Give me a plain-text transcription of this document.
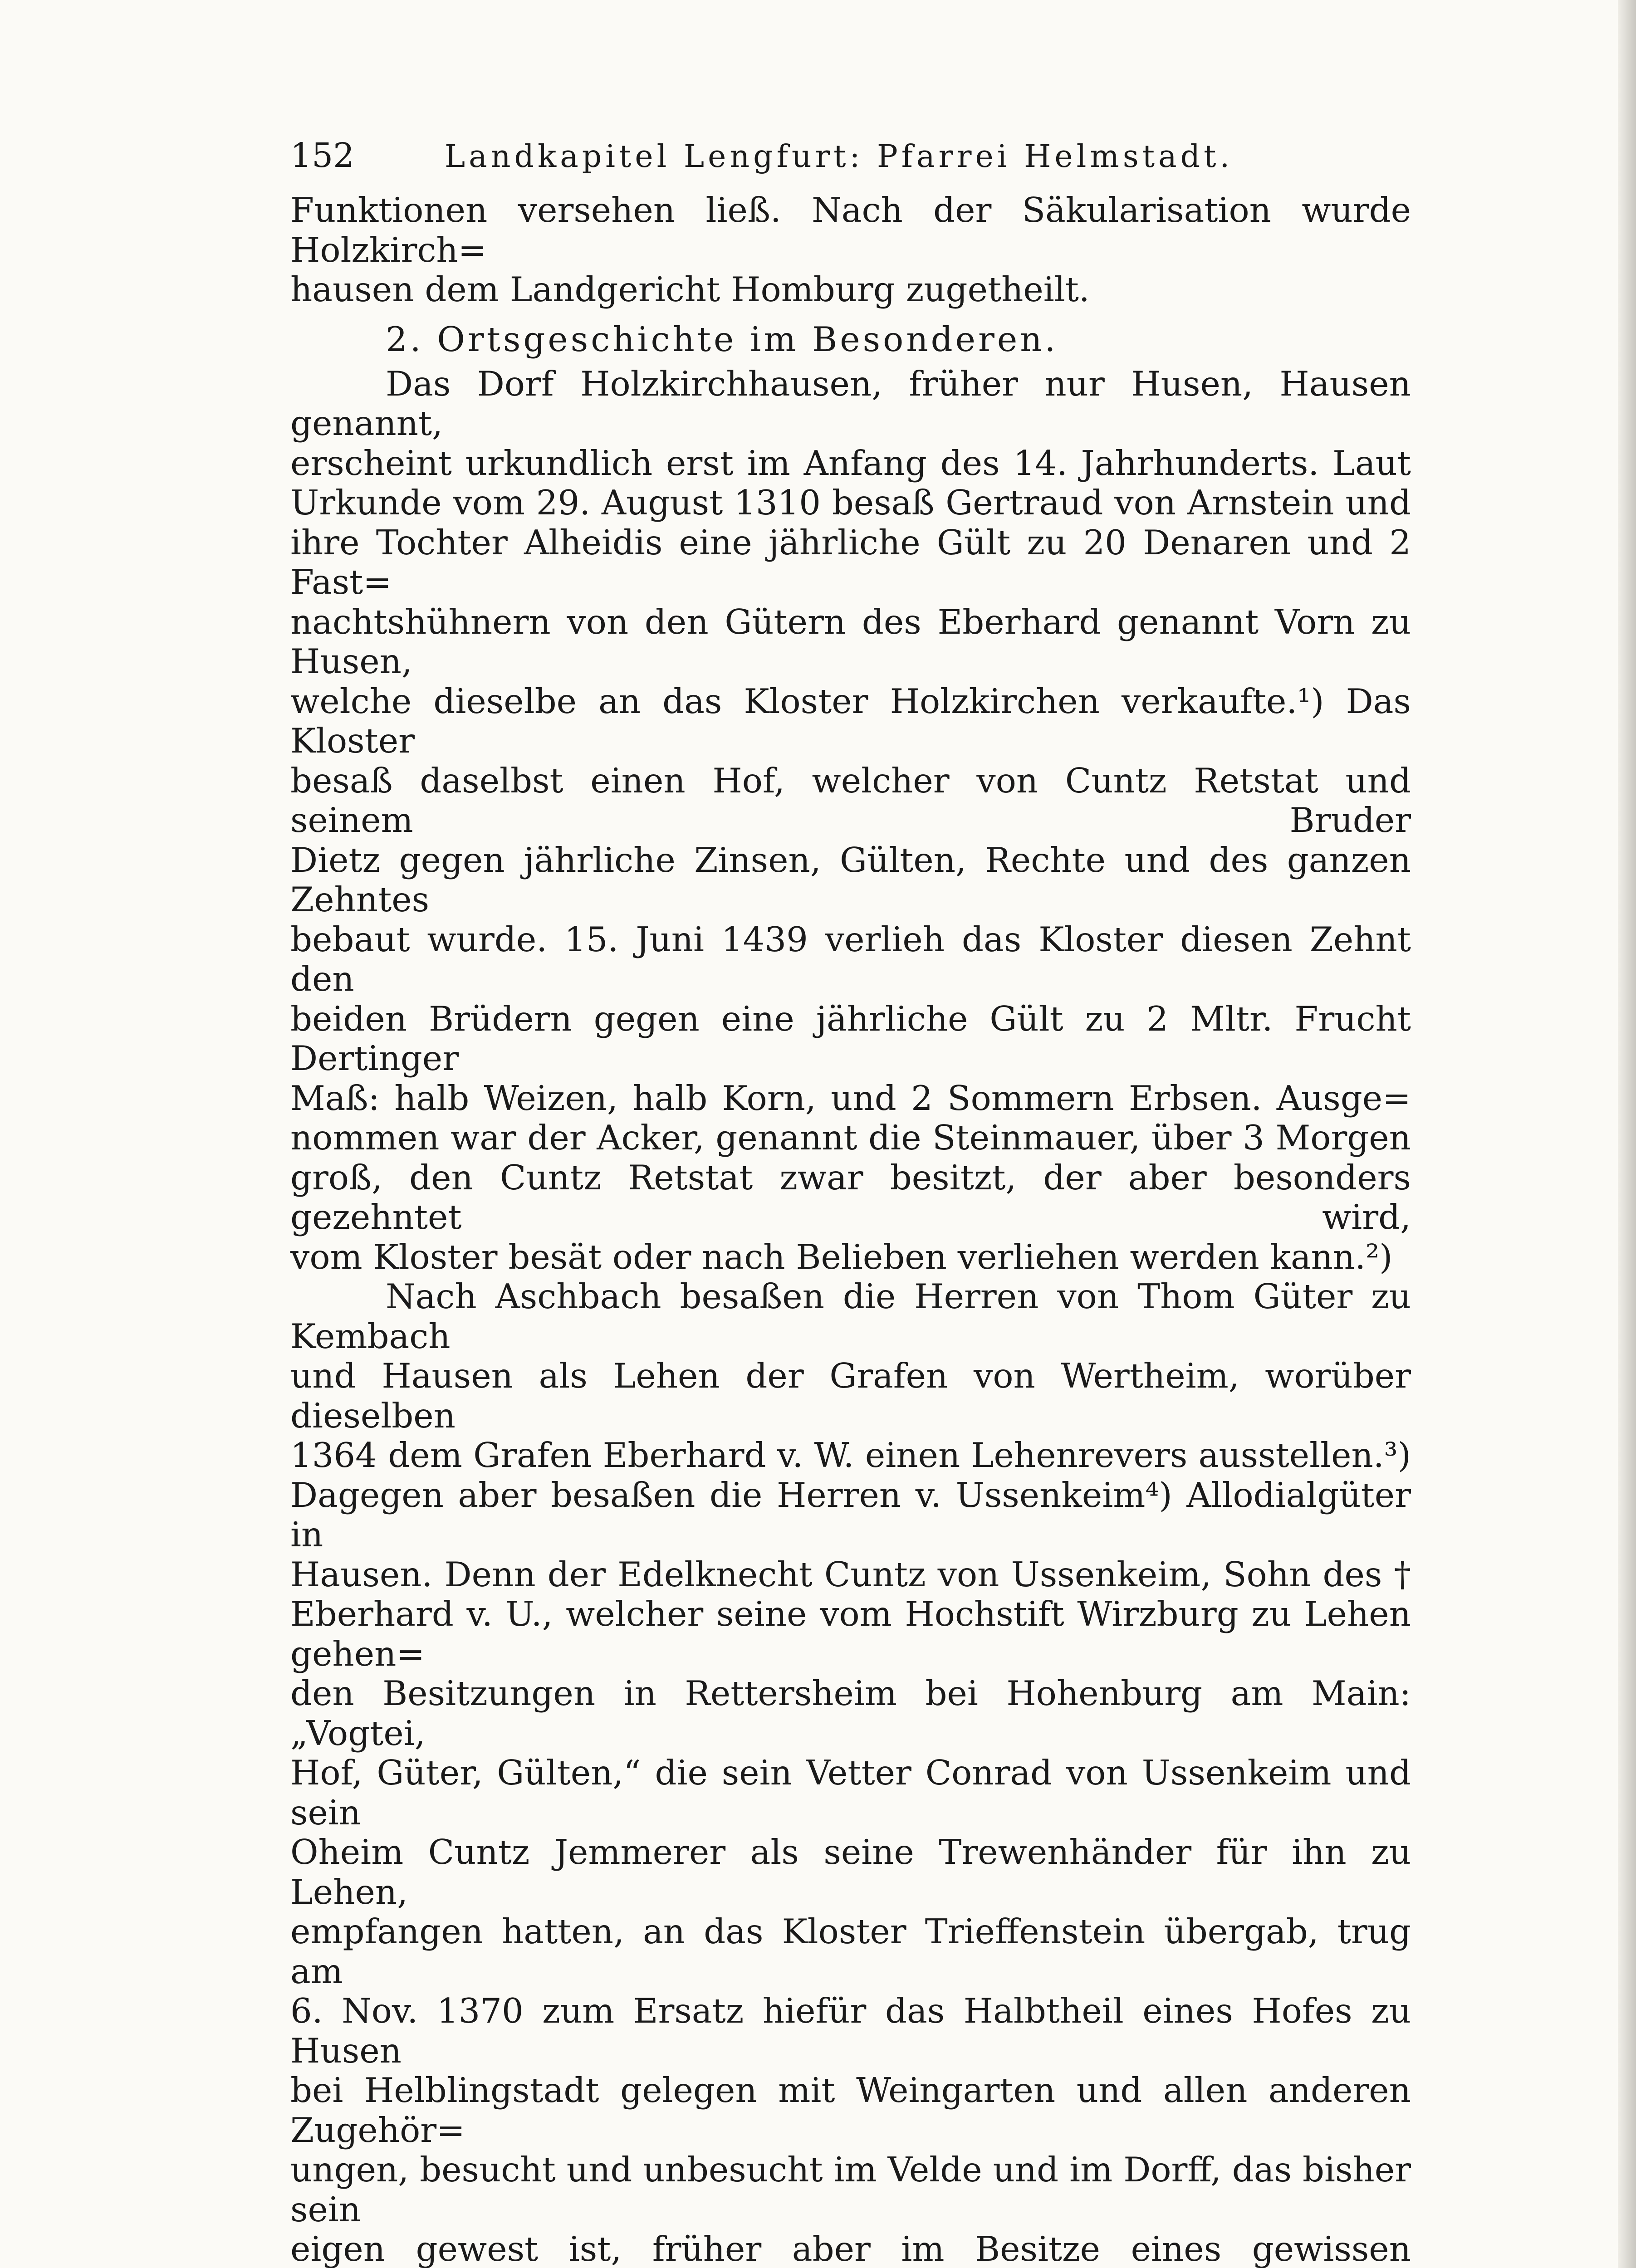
152	Landkapitel Lengfurt: Pfarrei Helmstadt.

Funktionen versehen ließ. Nach der Säkularisation wurde Holzkirch=

hausen dem Landgericht Homburg zugetheilt.

2. Ortsgeschichte im Besonderen.

Das Dorf Holzkirchhausen, früher nur Husen, Hausen genannt,

erscheint urkundlich erst im Anfang des 14. Jahrhunderts. Laut

Urkunde vom 29. August 1310 besaß Gertraud von Arnstein und

ihre Tochter Alheidis eine jährliche Gült zu 20 Denaren und 2 Fast=

nachtshühnern von den Gütern des Eberhard genannt Vorn zu Husen,

welche dieselbe an das Kloster Holzkirchen verkaufte.¹) Das Kloster

besaß daselbst einen Hof, welcher von Cuntz Retstat und seinem Bruder

Dietz gegen jährliche Zinsen, Gülten, Rechte und des ganzen Zehntes

bebaut wurde. 15. Juni 1439 verlieh das Kloster diesen Zehnt den

beiden Brüdern gegen eine jährliche Gült zu 2 Mltr. Frucht Dertinger

Maß: halb Weizen, halb Korn, und 2 Sommern Erbsen. Ausge=

nommen war der Acker, genannt die Steinmauer, über 3 Morgen

groß, den Cuntz Retstat zwar besitzt, der aber besonders gezehntet wird,

vom Kloster besät oder nach Belieben verliehen werden kann.²)

Nach Aschbach besaßen die Herren von Thom Güter zu Kembach

und Hausen als Lehen der Grafen von Wertheim, worüber dieselben

1364 dem Grafen Eberhard v. W. einen Lehenrevers ausstellen.³)

Dagegen aber besaßen die Herren v. Ussenkeim⁴) Allodialgüter in

Hausen. Denn der Edelknecht Cuntz von Ussenkeim, Sohn des †

Eberhard v. U., welcher seine vom Hochstift Wirzburg zu Lehen gehen=

den Besitzungen in Rettersheim bei Hohenburg am Main: „Vogtei,

Hof, Güter, Gülten,“ die sein Vetter Conrad von Ussenkeim und sein

Oheim Cuntz Jemmerer als seine Trewenhänder für ihn zu Lehen,

empfangen hatten, an das Kloster Trieffenstein übergab, trug am

6. Nov. 1370 zum Ersatz hiefür das Halbtheil eines Hofes zu Husen

bei Helblingstadt gelegen mit Weingarten und allen anderen Zugehör=

ungen, besucht und unbesucht im Velde und im Dorff, das bisher sein

eigen gewest ist, früher aber im Besitze eines gewissen
